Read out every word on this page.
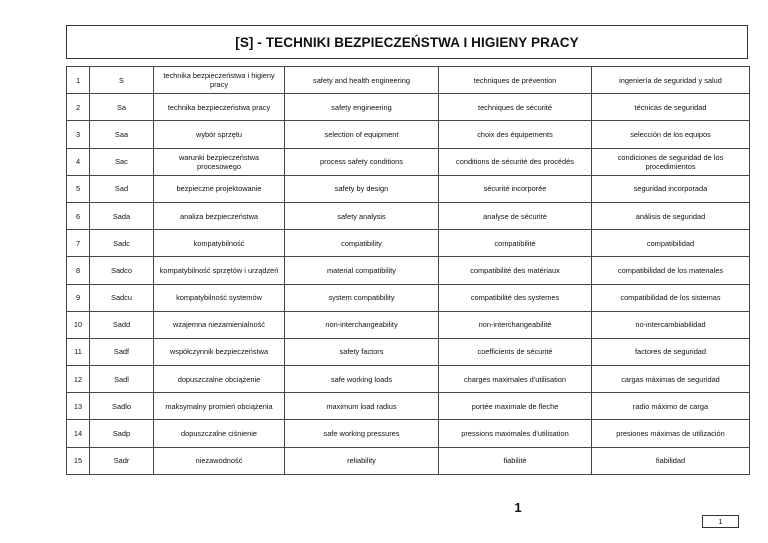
[S] - TECHNIKI BEZPIECZEŃSTWA I HIGIENY PRACY
1	S	technika bezpieczeństwa i higieny pracy	safety and health engineering	techniques de prévention	ingeniería de seguridad y salud
2	Sa	technika bezpieczeństwa pracy	safety engineering	techniques de sécurité	técnicas de seguridad
3	Saa	wybór sprzętu	selection of equipment	choix des équipements	selección de los equipos
4	Sac	warunki bezpieczeństwa procesowego	process safety conditions	conditions de sécurité des procédés	condiciones de seguridad de los procedimientos
5	Sad	bezpieczne projektowanie	safety by design	sécurité incorporée	seguridad incorporada
6	Sada	analiza bezpieczeństwa	safety analysis	analyse de sécurité	análisis de seguridad
7	Sadc	kompatybilność	compatibility	compatibilité	compatibilidad
8	Sadco	kompatybilność sprzętów i urządzeń	material compatibility	compatibilité des matériaux	compatibilidad de los materiales
9	Sadcu	kompatybilność systemów	system compatibility	compatibilité des systemes	compatibilidad de los sistemas
10	Sadd	wzajemna niezamienialność	non-interchangeability	non-interchangeabilité	no-intercambiabilidad
11	Sadf	współczynnik bezpieczeństwa	safety factors	coefficients de sécurité	factores de seguridad
12	Sadl	dopuszczalne obciążenie	safe working loads	charges maximales d'utilisation	cargas máximas de seguridad
13	Sadlo	maksymalny promień obciążenia	maximum load radius	portée maximale de fleche	radio máximo de carga
14	Sadp	dopuszczalne ciśnienie	safe working pressures	pressions maximales d'utilisation	presiones máximas de utilización
15	Sadr	niezawodność	reliability	fiabilité	fiabilidad
1
1
